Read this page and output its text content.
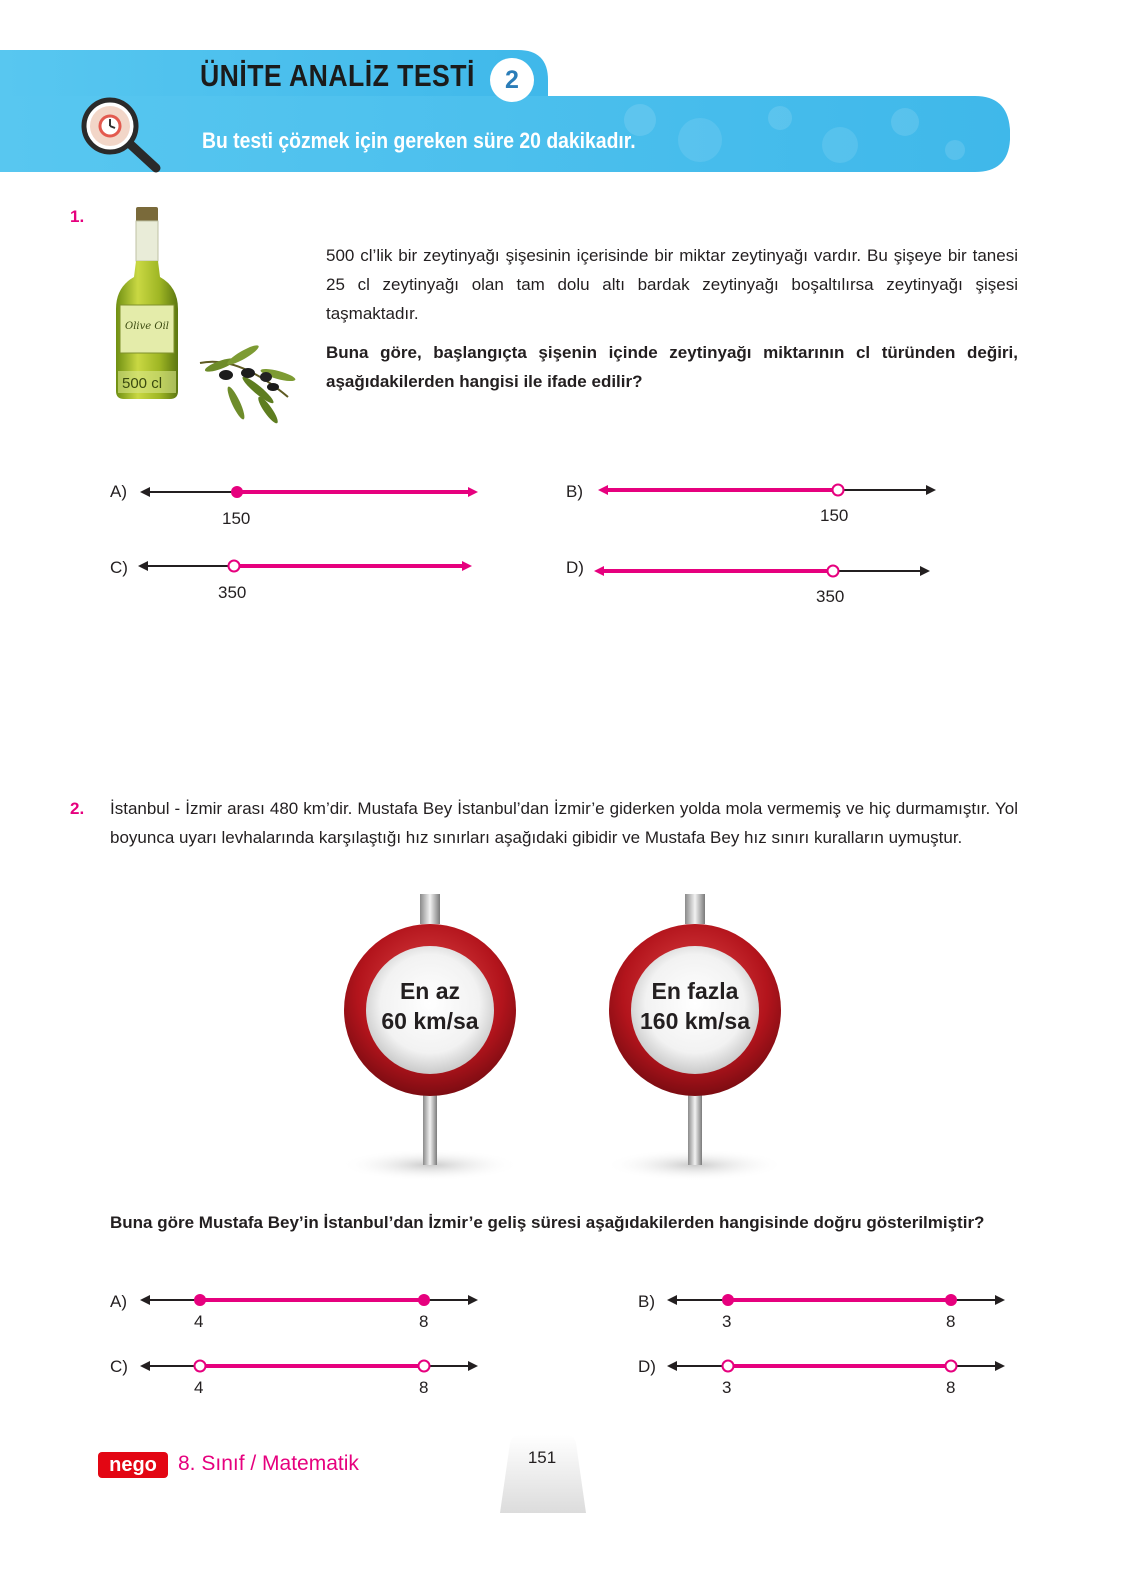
ÜNİTE ANALİZ TESTİ	2
Bu testi çözmek için gereken süre 20 dakikadır.
1.
Olive Oil
500 cl
500 cl’lik bir zeytinyağı şişesinin içerisinde bir miktar zeytinyağı vardır. Bu şişeye bir tanesi 25 cl zeytinyağı olan tam dolu altı bardak zeytinyağı boşaltılırsa zeytinyağı şişesi taşmaktadır.
Buna göre, başlangıçta şişenin içinde zeytinyağı miktarının cl türünden değiri, aşağıdakilerden hangisi ile ifade edilir?
A)
150
B)
150
C)
350
D)
350
2. İstanbul - İzmir arası 480 km’dir. Mustafa Bey İstanbul’dan İzmir’e giderken yolda mola vermemiş ve hiç durmamıştır. Yol boyunca uyarı levhalarında karşılaştığı hız sınırları aşağıdaki gibidir ve Mustafa Bey hız sınırı kuralların uymuştur.
En az
60 km/sa
En fazla
160 km/sa
Buna göre Mustafa Bey’in İstanbul’dan İzmir’e geliş süresi aşağıdakilerden hangisinde doğru gösterilmiştir?
A)
4	8
B)
3	8
C)
4	8
D)
3	8
nego	8. Sınıf / Matematik	151
